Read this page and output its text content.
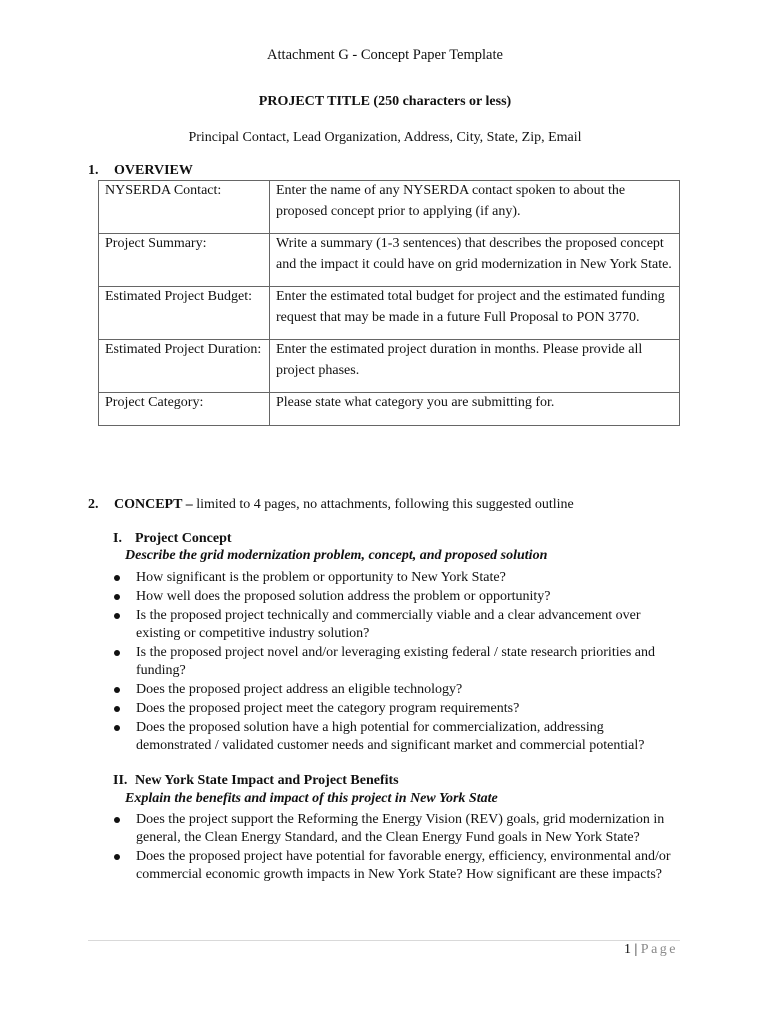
Attachment G - Concept Paper Template
PROJECT TITLE (250 characters or less)
Principal Contact, Lead Organization, Address, City, State, Zip, Email
1. OVERVIEW
NYSERDA Contact:	Enter the name of any NYSERDA contact spoken to about the proposed concept prior to applying (if any).
Project Summary:	Write a summary (1-3 sentences) that describes the proposed concept and the impact it could have on grid modernization in New York State.
Estimated Project Budget:	Enter the estimated total budget for project and the estimated funding request that may be made in a future Full Proposal to PON 3770.
Estimated Project Duration:	Enter the estimated project duration in months. Please provide all project phases.
Project Category:	Please state what category you are submitting for.
2. CONCEPT – limited to 4 pages, no attachments, following this suggested outline
I. Project Concept
Describe the grid modernization problem, concept, and proposed solution
How significant is the problem or opportunity to New York State?
How well does the proposed solution address the problem or opportunity?
Is the proposed project technically and commercially viable and a clear advancement over existing or competitive industry solution?
Is the proposed project novel and/or leveraging existing federal / state research priorities and funding?
Does the proposed project address an eligible technology?
Does the proposed project meet the category program requirements?
Does the proposed solution have a high potential for commercialization, addressing demonstrated / validated customer needs and significant market and commercial potential?
II. New York State Impact and Project Benefits
Explain the benefits and impact of this project in New York State
Does the project support the Reforming the Energy Vision (REV) goals, grid modernization in general, the Clean Energy Standard, and the Clean Energy Fund goals in New York State?
Does the proposed project have potential for favorable energy, efficiency, environmental and/or commercial economic growth impacts in New York State? How significant are these impacts?
1 | Page
